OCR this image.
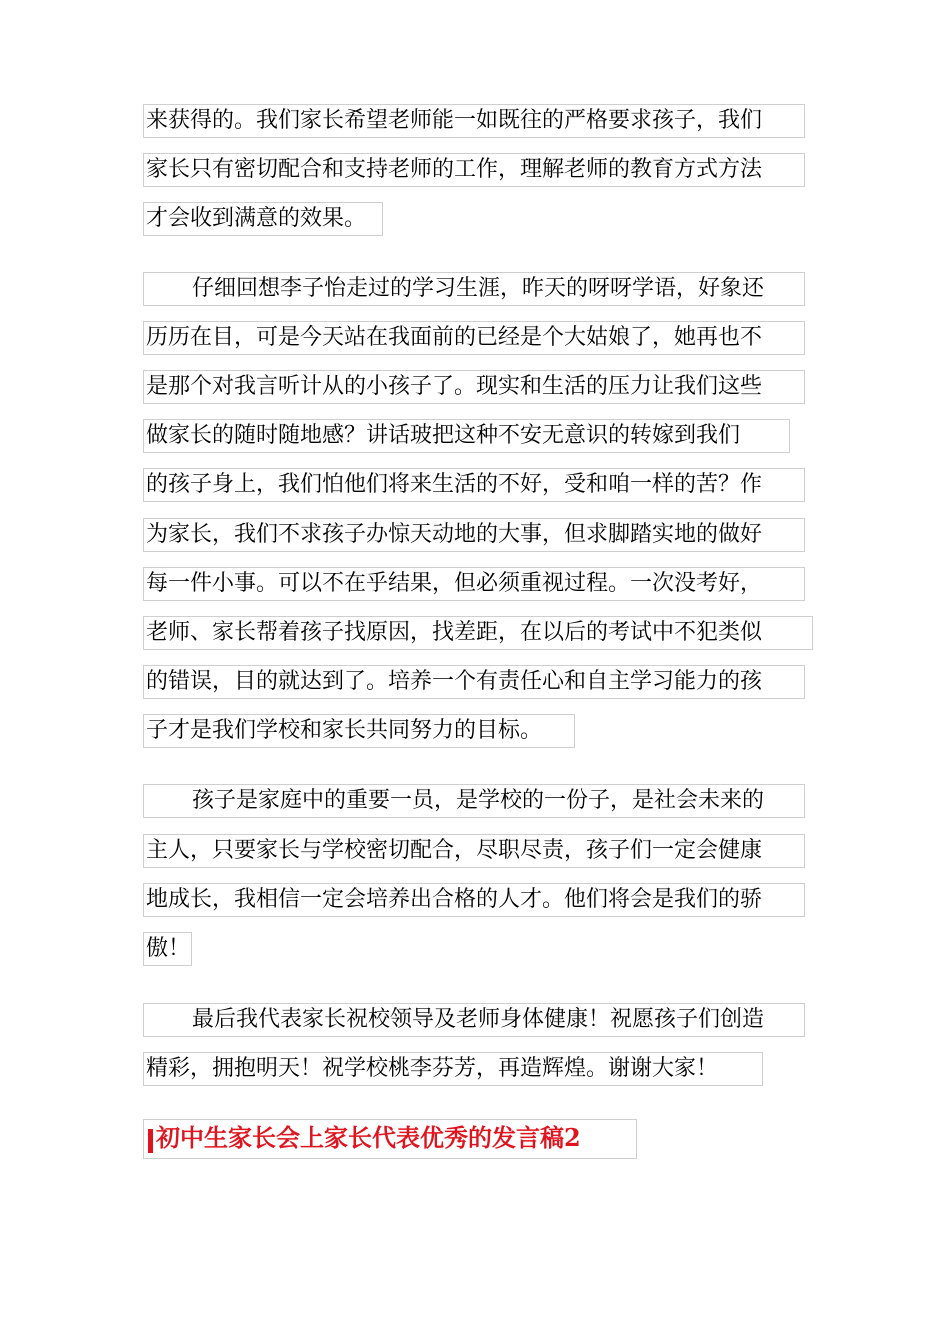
来获得的。我们家长希望老师能一如既往的严格要求孩子，我们
家长只有密切配合和支持老师的工作，理解老师的教育方式方法
才会收到满意的效果。
仔细回想李子怡走过的学习生涯，昨天的呀呀学语，好象还
历历在目，可是今天站在我面前的已经是个大姑娘了，她再也不
是那个对我言听计从的小孩子了。现实和生活的压力让我们这些
做家长的随时随地感？讲话玻把这种不安无意识的转嫁到我们
的孩子身上，我们怕他们将来生活的不好，受和咱一样的苦？作
为家长，我们不求孩子办惊天动地的大事，但求脚踏实地的做好
每一件小事。可以不在乎结果，但必须重视过程。一次没考好，
老师、家长帮着孩子找原因，找差距，在以后的考试中不犯类似
的错误，目的就达到了。培养一个有责任心和自主学习能力的孩
子才是我们学校和家长共同努力的目标。
孩子是家庭中的重要一员，是学校的一份子，是社会未来的
主人，只要家长与学校密切配合，尽职尽责，孩子们一定会健康
地成长，我相信一定会培养出合格的人才。他们将会是我们的骄
傲！
最后我代表家长祝校领导及老师身体健康！祝愿孩子们创造
精彩，拥抱明天！祝学校桃李芬芳，再造辉煌。谢谢大家！
初中生家长会上家长代表优秀的发言稿2
